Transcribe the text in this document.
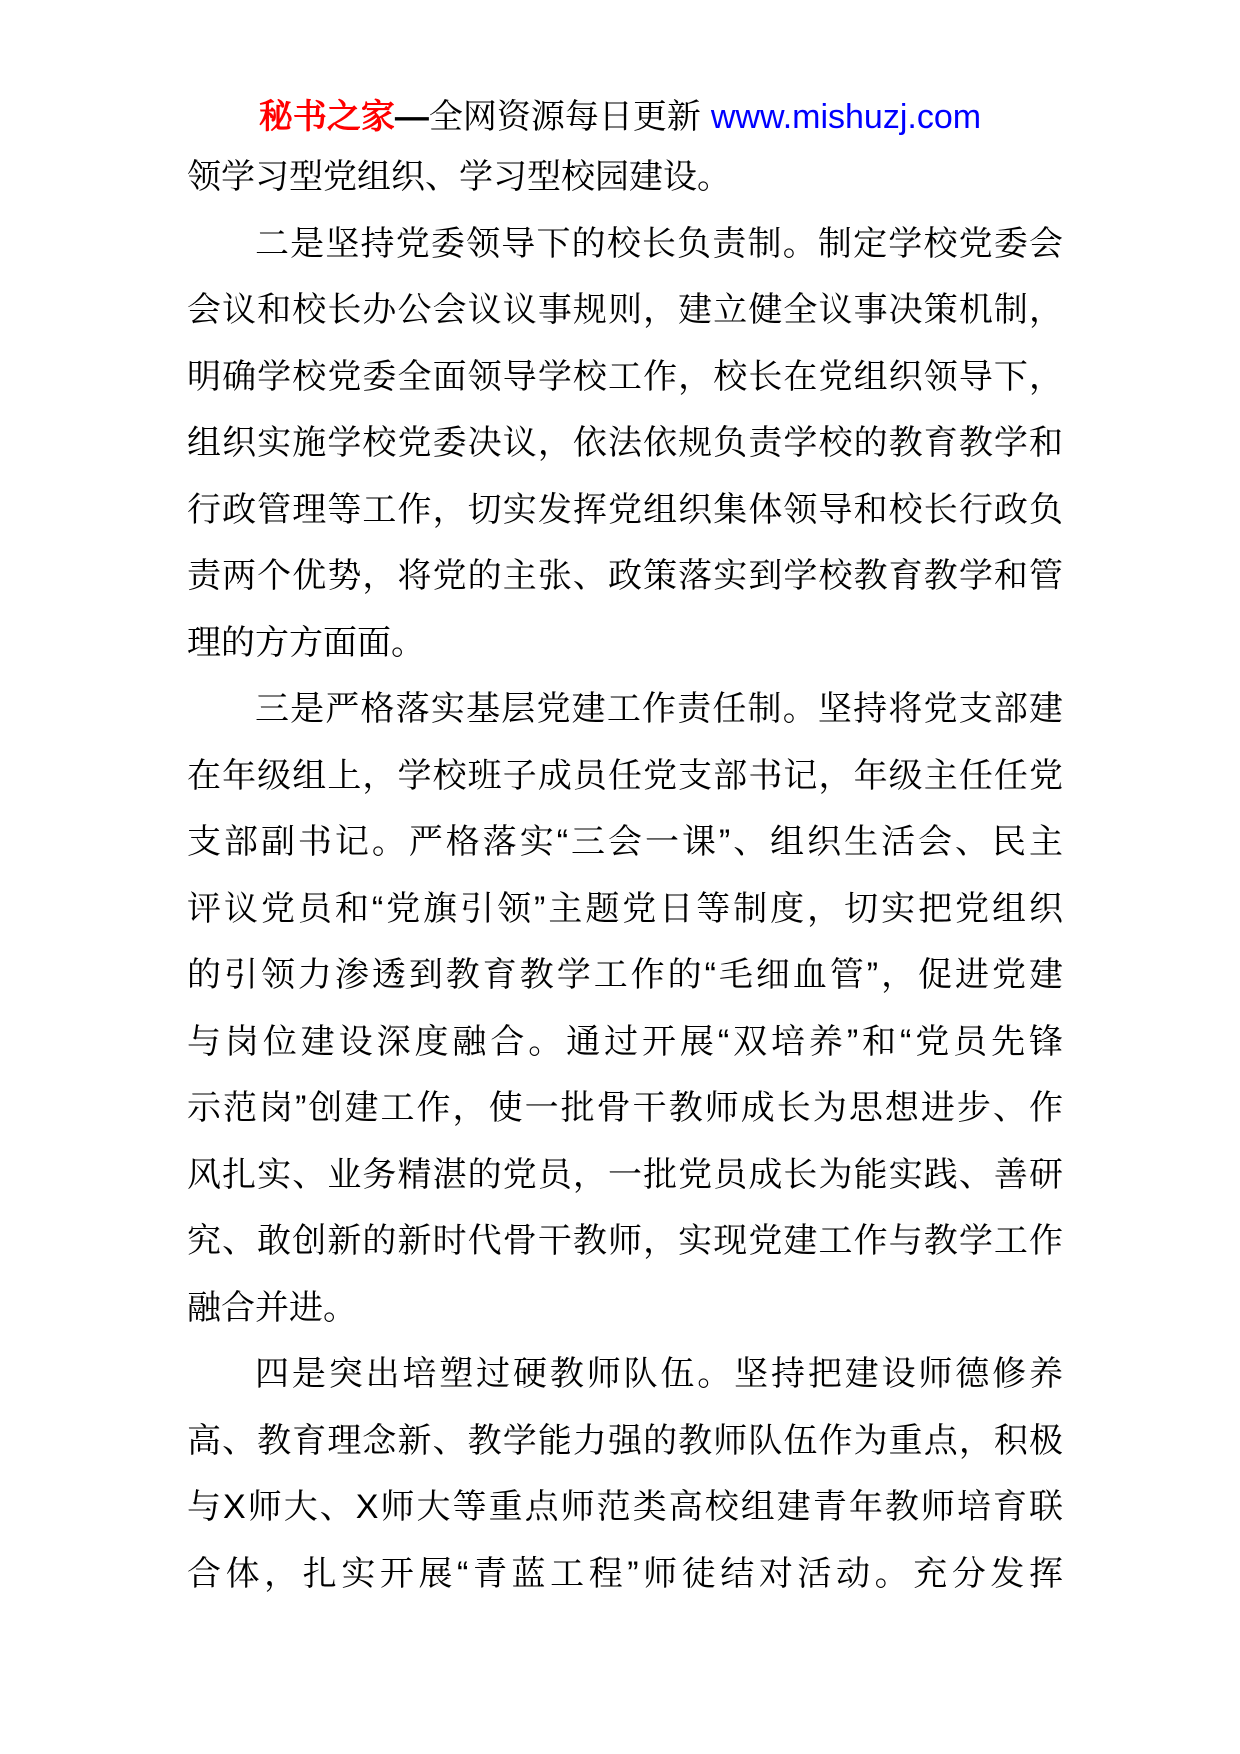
秘书之家—全网资源每日更新 www.mishuzj.com
领学习型党组织、学习型校园建设。
二是坚持党委领导下的校长负责制。制定学校党委会
会议和校长办公会议议事规则，建立健全议事决策机制，
明确学校党委全面领导学校工作，校长在党组织领导下，
组织实施学校党委决议，依法依规负责学校的教育教学和
行政管理等工作，切实发挥党组织集体领导和校长行政负
责两个优势，将党的主张、政策落实到学校教育教学和管
理的方方面面。
三是严格落实基层党建工作责任制。坚持将党支部建
在年级组上，学校班子成员任党支部书记，年级主任任党
支部副书记。严格落实“三会一课”、组织生活会、民主
评议党员和“党旗引领”主题党日等制度，切实把党组织
的引领力渗透到教育教学工作的“毛细血管”，促进党建
与岗位建设深度融合。通过开展“双培养”和“党员先锋
示范岗”创建工作，使一批骨干教师成长为思想进步、作
风扎实、业务精湛的党员，一批党员成长为能实践、善研
究、敢创新的新时代骨干教师，实现党建工作与教学工作
融合并进。
四是突出培塑过硬教师队伍。坚持把建设师德修养
高、教育理念新、教学能力强的教师队伍作为重点，积极
与X师大、X师大等重点师范类高校组建青年教师培育联
合体，扎实开展“青蓝工程”师徒结对活动。充分发挥
